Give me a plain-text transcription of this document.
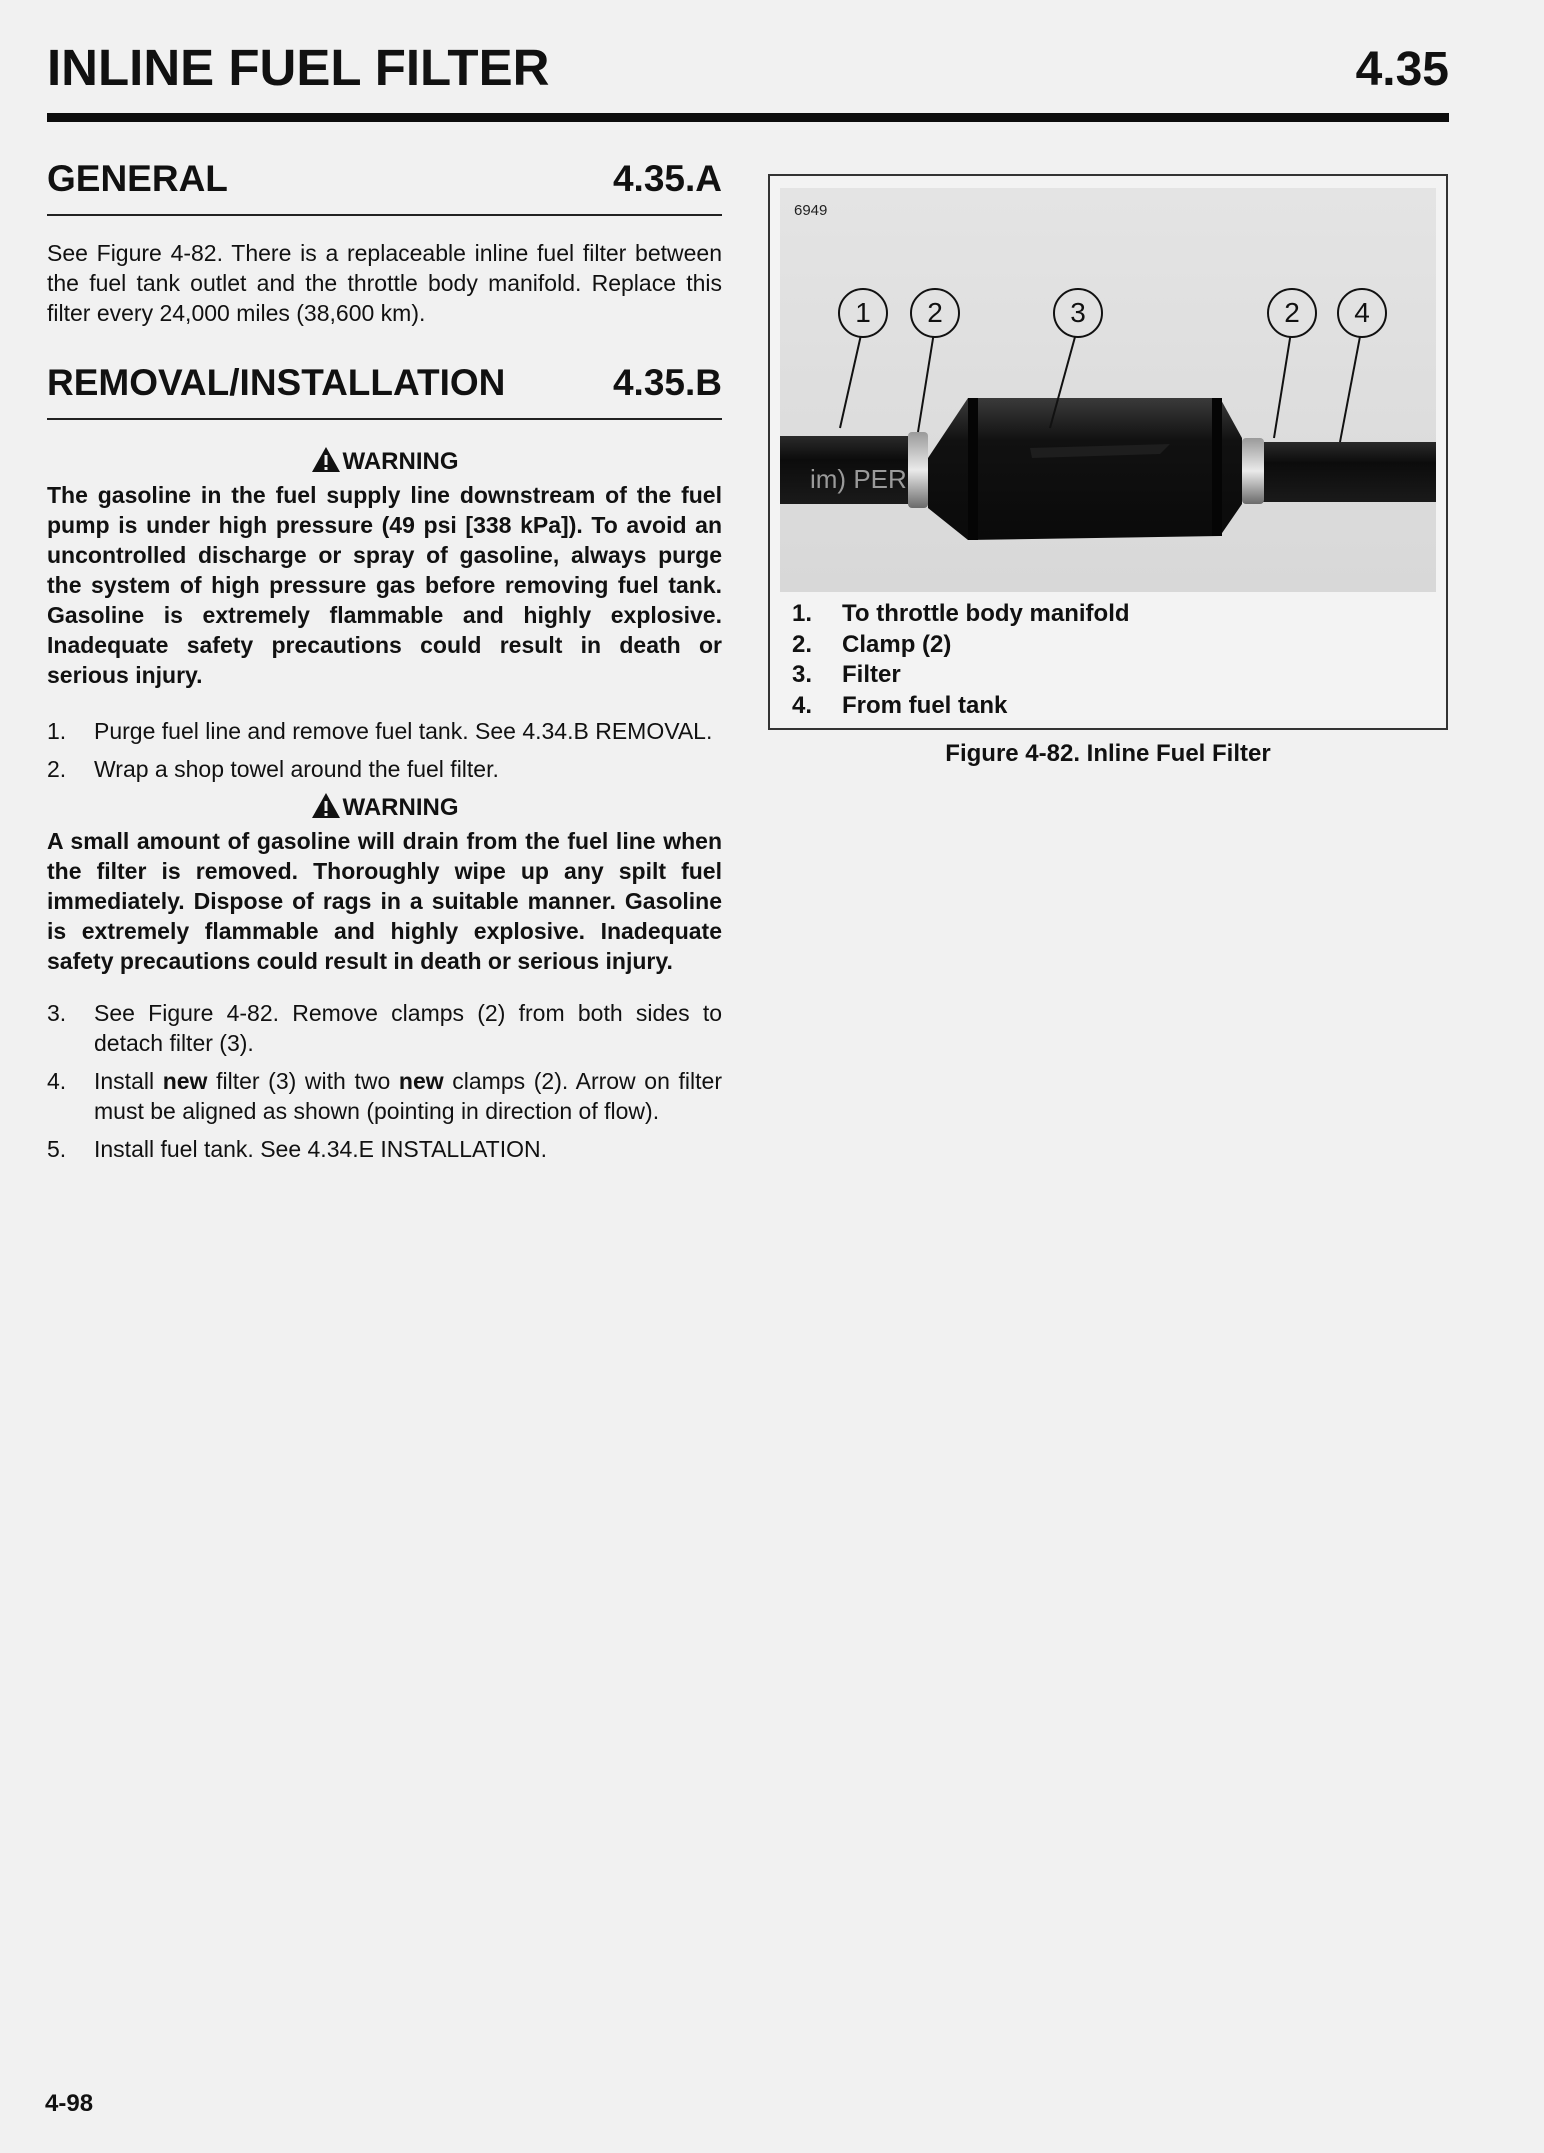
INLINE FUEL FILTER	4.35
GENERAL	4.35.A

See Figure 4-82. There is a replaceable inline fuel filter between the fuel tank outlet and the throttle body manifold. Replace this filter every 24,000 miles (38,600 km).

REMOVAL/INSTALLATION	4.35.B
WARNING

The gasoline in the fuel supply line downstream of the fuel pump is under high pressure (49 psi [338 kPa]). To avoid an uncontrolled discharge or spray of gasoline, always purge the system of high pressure gas before removing fuel tank. Gasoline is extremely flammable and highly explosive. Inadequate safety precautions could result in death or serious injury.

1.	Purge fuel line and remove fuel tank. See 4.34.B REMOVAL.
2.	Wrap a shop towel around the fuel filter.
WARNING

A small amount of gasoline will drain from the fuel line when the filter is removed. Thoroughly wipe up any spilt fuel immediately. Dispose of rags in a suitable manner. Gasoline is extremely flammable and highly explosive. Inadequate safety precautions could result in death or serious injury.

3.	See Figure 4-82. Remove clamps (2) from both sides to detach filter (3).
4.	Install new filter (3) with two new clamps (2). Arrow on filter must be aligned as shown (pointing in direction of flow).
5.	Install fuel tank. See 4.34.E INSTALLATION.
im) PER
6949
1	2	3	2	4
1.	To throttle body manifold
2.	Clamp (2)
3.	Filter
4.	From fuel tank
Figure 4-82. Inline Fuel Filter
4-98
